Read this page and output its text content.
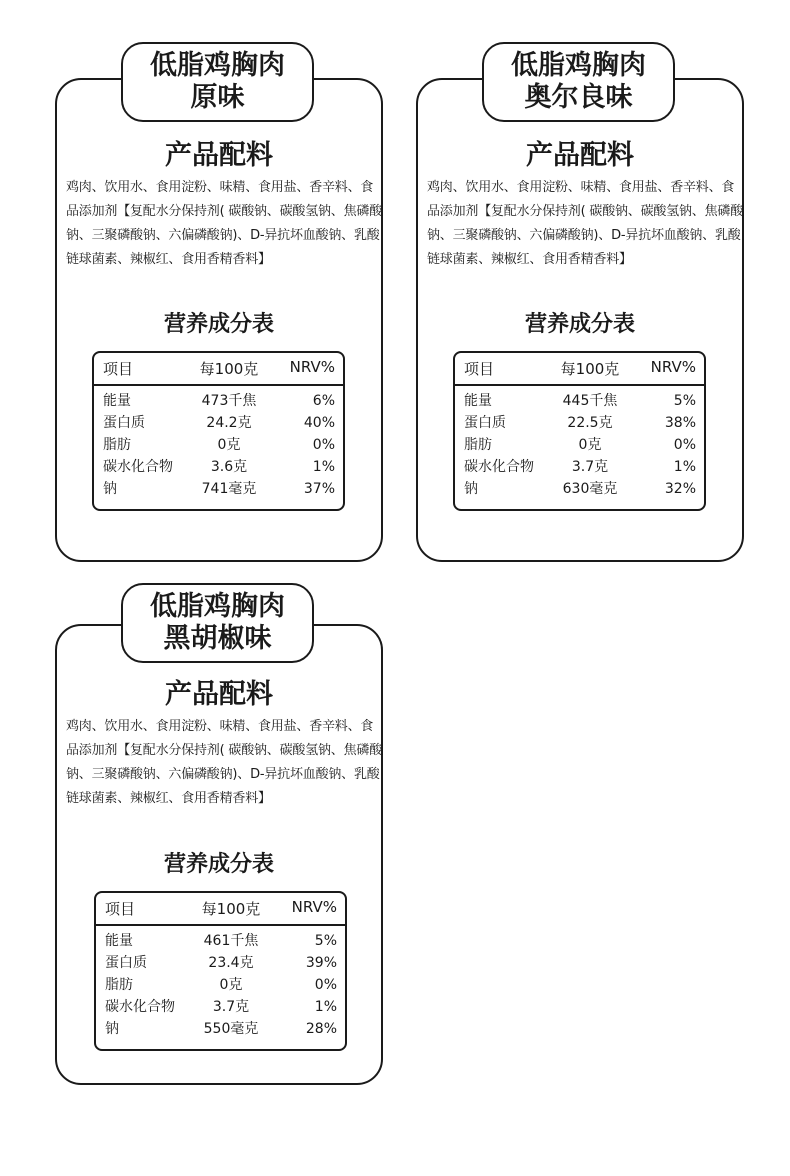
产品配料
鸡肉、饮用水、食用淀粉、味精、食用盐、香辛料、食品添加剂【复配水分保持剂( 碳酸钠、碳酸氢钠、焦磷酸钠、三聚磷酸钠、六偏磷酸钠)、D-异抗坏血酸钠、乳酸链球菌素、辣椒红、食用香精香料】
营养成分表
项目	每100克	NRV%
能量	473千焦	6%
蛋白质	24.2克	40%
脂肪	0克	0%
碳水化合物	3.6克	1%
钠	741毫克	37%
低脂鸡胸肉
原味
产品配料
鸡肉、饮用水、食用淀粉、味精、食用盐、香辛料、食品添加剂【复配水分保持剂( 碳酸钠、碳酸氢钠、焦磷酸钠、三聚磷酸钠、六偏磷酸钠)、D-异抗坏血酸钠、乳酸链球菌素、辣椒红、食用香精香料】
营养成分表
项目	每100克	NRV%
能量	445千焦	5%
蛋白质	22.5克	38%
脂肪	0克	0%
碳水化合物	3.7克	1%
钠	630毫克	32%
低脂鸡胸肉
奥尔良味
产品配料
鸡肉、饮用水、食用淀粉、味精、食用盐、香辛料、食品添加剂【复配水分保持剂( 碳酸钠、碳酸氢钠、焦磷酸钠、三聚磷酸钠、六偏磷酸钠)、D-异抗坏血酸钠、乳酸链球菌素、辣椒红、食用香精香料】
营养成分表
项目	每100克	NRV%
能量	461千焦	5%
蛋白质	23.4克	39%
脂肪	0克	0%
碳水化合物	3.7克	1%
钠	550毫克	28%
低脂鸡胸肉
黑胡椒味
